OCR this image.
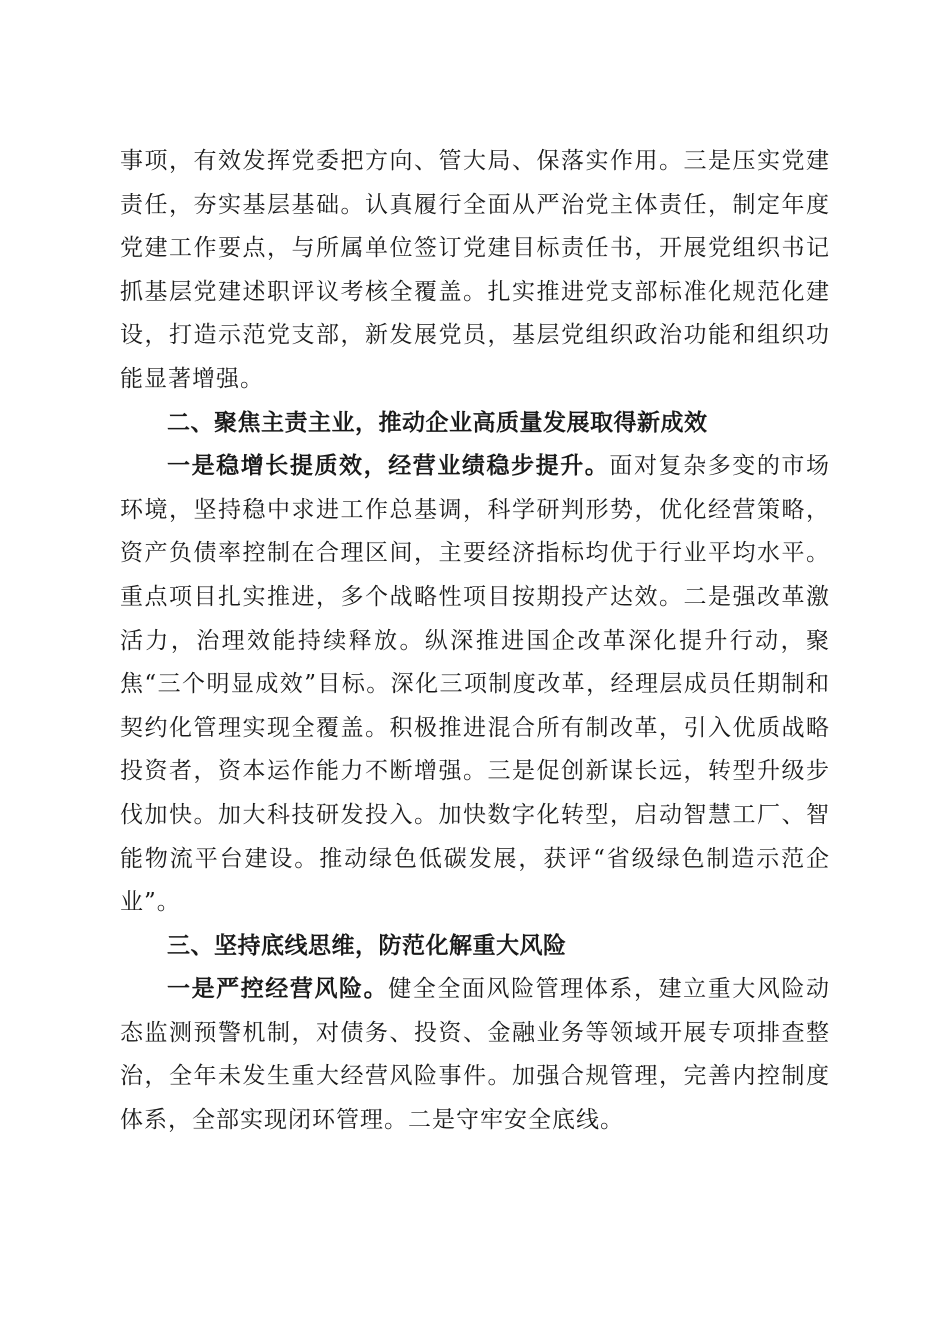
事项，有效发挥党委把方向、管大局、保落实作用。三是压实党建责任，夯实基层基础。认真履行全面从严治党主体责任，制定年度党建工作要点，与所属单位签订党建目标责任书，开展党组织书记抓基层党建述职评议考核全覆盖。扎实推进党支部标准化规范化建设，打造示范党支部，新发展党员，基层党组织政治功能和组织功能显著增强。

二、聚焦主责主业，推动企业高质量发展取得新成效

一是稳增长提质效，经营业绩稳步提升。面对复杂多变的市场环境，坚持稳中求进工作总基调，科学研判形势，优化经营策略，资产负债率控制在合理区间，主要经济指标均优于行业平均水平。重点项目扎实推进，多个战略性项目按期投产达效。二是强改革激活力，治理效能持续释放。纵深推进国企改革深化提升行动，聚焦“三个明显成效”目标。深化三项制度改革，经理层成员任期制和契约化管理实现全覆盖。积极推进混合所有制改革，引入优质战略投资者，资本运作能力不断增强。三是促创新谋长远，转型升级步伐加快。加大科技研发投入。加快数字化转型，启动智慧工厂、智能物流平台建设。推动绿色低碳发展，获评“省级绿色制造示范企业”。

三、坚持底线思维，防范化解重大风险

一是严控经营风险。健全全面风险管理体系，建立重大风险动态监测预警机制，对债务、投资、金融业务等领域开展专项排查整治，全年未发生重大经营风险事件。加强合规管理，完善内控制度体系，全部实现闭环管理。二是守牢安全底线。
